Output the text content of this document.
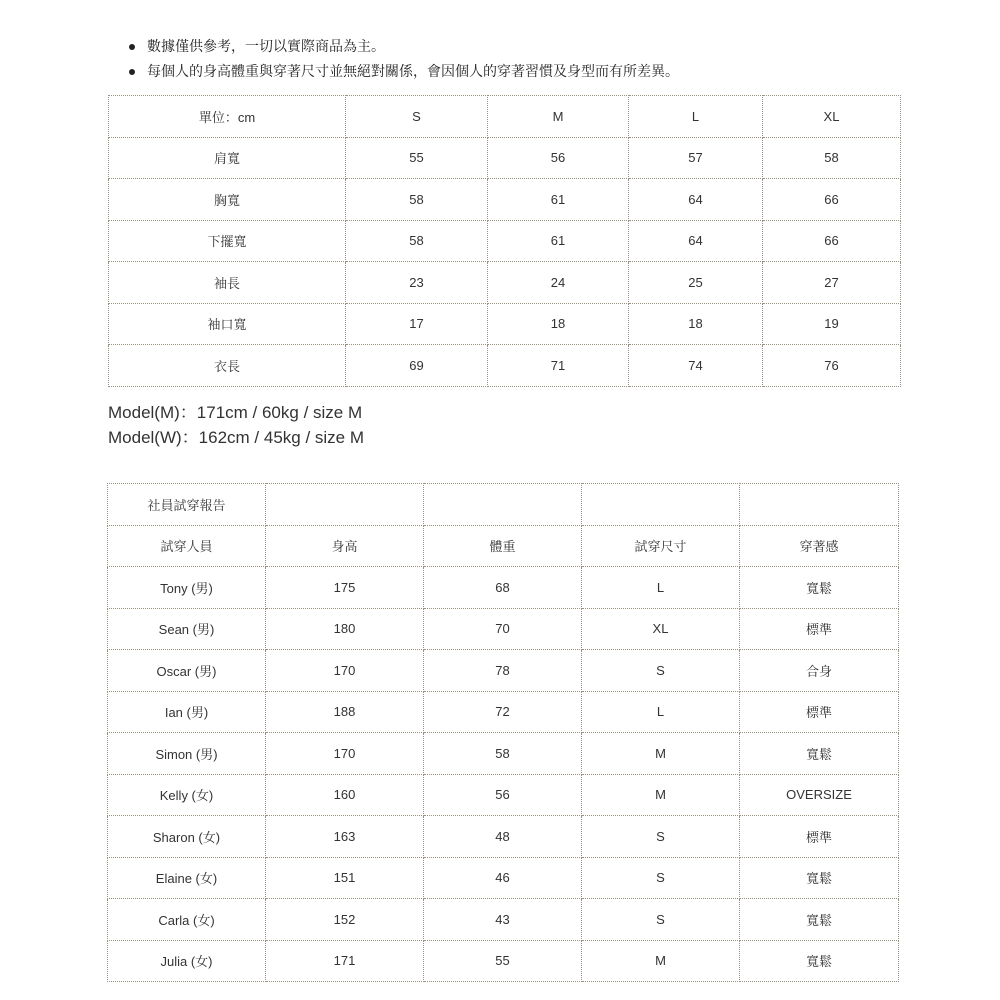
數據僅供參考，一切以實際商品為主。
每個人的身高體重與穿著尺寸並無絕對關係，會因個人的穿著習慣及身型而有所差異。
單位：cm	S	M	L	XL
肩寬	55	56	57	58
胸寬	58	61	64	66
下擺寬	58	61	64	66
袖長	23	24	25	27
袖口寬	17	18	18	19
衣長	69	71	74	76
Model(M)：171cm / 60kg / size M
Model(W)：162cm / 45kg / size M
社員試穿報告				
試穿人員	身高	體重	試穿尺寸	穿著感
Tony (男)	175	68	L	寬鬆
Sean (男)	180	70	XL	標準
Oscar (男)	170	78	S	合身
Ian (男)	188	72	L	標準
Simon (男)	170	58	M	寬鬆
Kelly (女)	160	56	M	OVERSIZE
Sharon (女)	163	48	S	標準
Elaine (女)	151	46	S	寬鬆
Carla (女)	152	43	S	寬鬆
Julia (女)	171	55	M	寬鬆
